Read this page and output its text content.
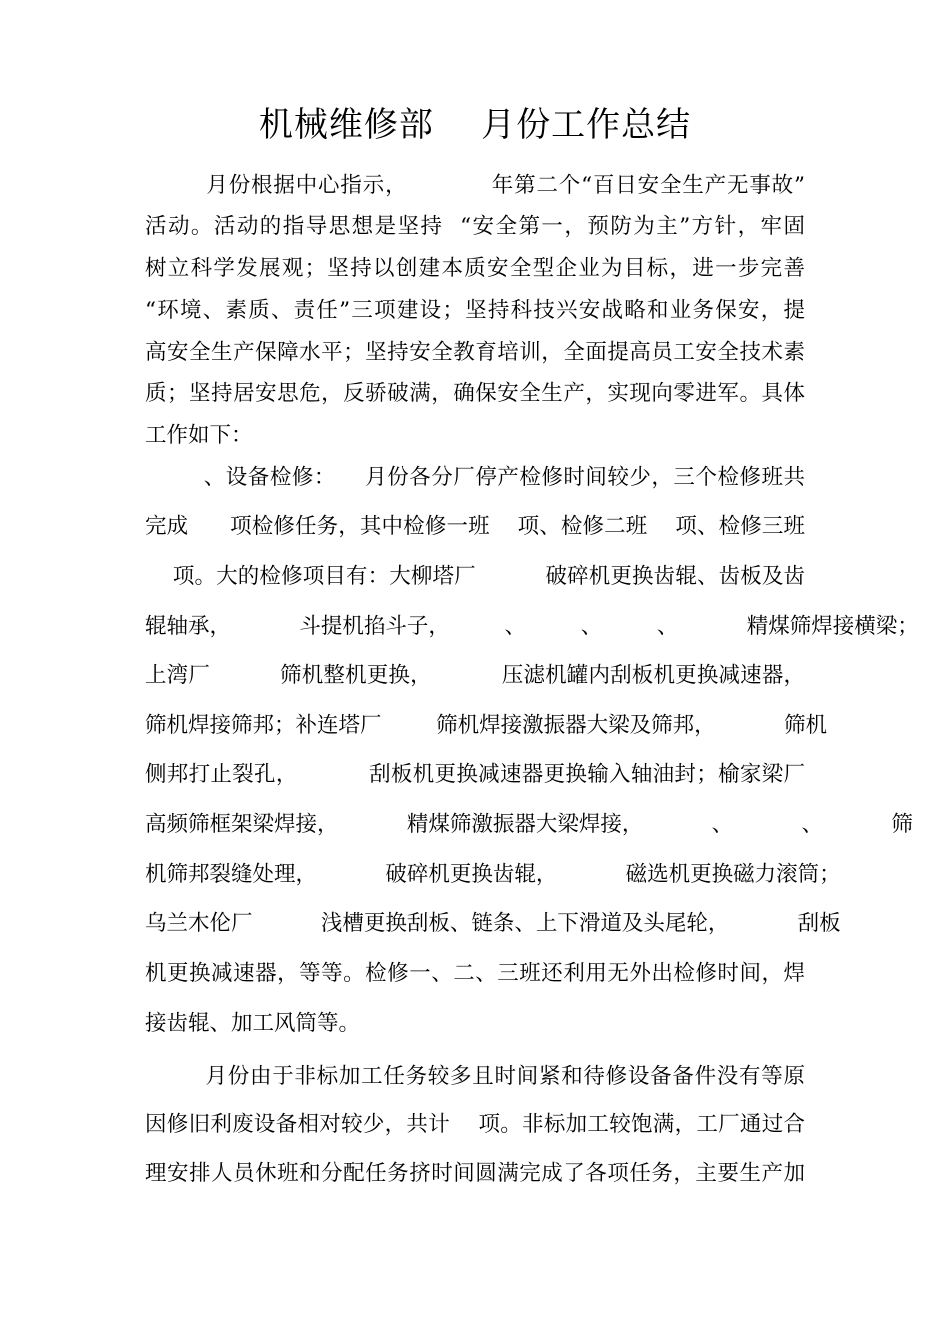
机械维修部    月份工作总结
月份根据中心指示，           年第二个“百日安全生产无事故”
活动。活动的指导思想是坚持  “安全第一，预防为主”方针，牢固
树立科学发展观；坚持以创建本质安全型企业为目标，进一步完善
“环境、素质、责任”三项建设；坚持科技兴安战略和业务保安，提
高安全生产保障水平；坚持安全教育培训，全面提高员工安全技术素
质；坚持居安思危，反骄破满，确保安全生产，实现向零进军。具体
工作如下：
、设备检修：    月份各分厂停产检修时间较少，三个检修班共
完成      项检修任务，其中检修一班    项、检修二班    项、检修三班
项。大的检修项目有：大柳塔厂          破碎机更换齿辊、齿板及齿
辊轴承，          斗提机掐斗子，        、        、        、          精煤筛焊接横梁；
上湾厂          筛机整机更换，          压滤机罐内刮板机更换减速器，
筛机焊接筛邦；补连塔厂        筛机焊接激振器大梁及筛邦，          筛机
侧邦打止裂孔，          刮板机更换减速器更换输入轴油封；榆家梁厂
高频筛框架梁焊接，          精煤筛激振器大梁焊接，          、          、          筛
机筛邦裂缝处理，          破碎机更换齿辊，          磁选机更换磁力滚筒；
乌兰木伦厂          浅槽更换刮板、链条、上下滑道及头尾轮，          刮板
机更换减速器，等等。检修一、二、三班还利用无外出检修时间，焊
接齿辊、加工风筒等。
月份由于非标加工任务较多且时间紧和待修设备备件没有等原
因修旧利废设备相对较少，共计    项。非标加工较饱满，工厂通过合
理安排人员休班和分配任务挤时间圆满完成了各项任务，主要生产加
